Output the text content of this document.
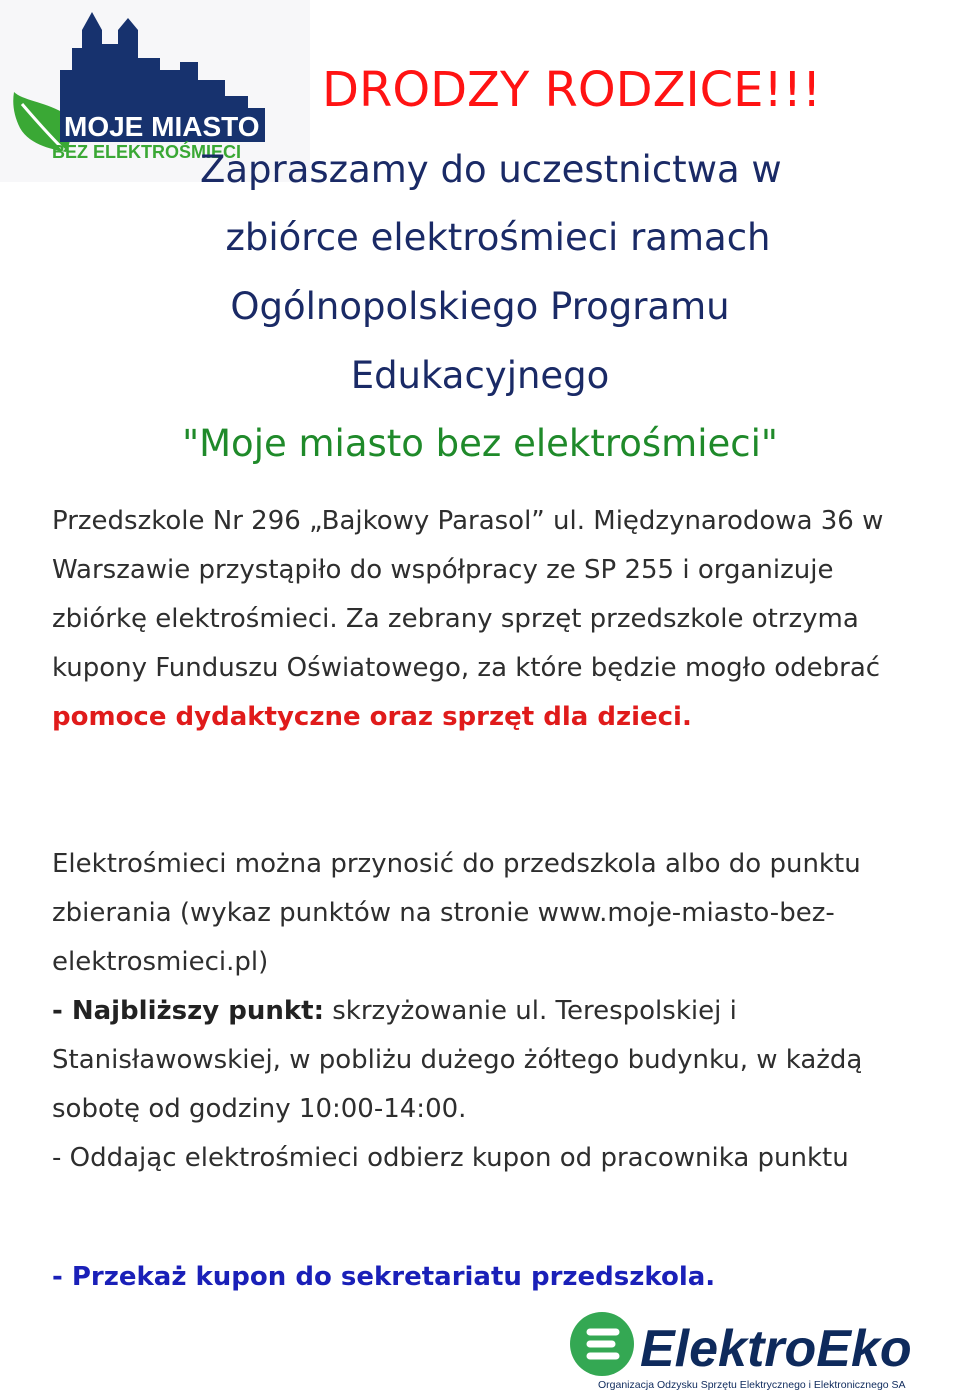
MOJE MIASTO
BEZ ELEKTROŚMIECI
DRODZY RODZICE!!!
Zapraszamy do uczestnictwa w
zbiórce elektrośmieci ramach
Ogólnopolskiego Programu
Edukacyjnego
"Moje miasto bez elektrośmieci"
Przedszkole Nr 296 „Bajkowy Parasol” ul. Międzynarodowa 36 w Warszawie przystąpiło do współpracy ze SP 255 i organizuje zbiórkę elektrośmieci. Za zebrany sprzęt przedszkole otrzyma kupony Funduszu Oświatowego, za które będzie mogło odebrać pomoce dydaktyczne oraz sprzęt dla dzieci.
Elektrośmieci można przynosić do przedszkola albo do punktu zbierania (wykaz punktów na stronie www.moje-miasto-bez-elektrosmieci.pl)
- Najbliższy punkt: skrzyżowanie ul. Terespolskiej i Stanisławowskiej, w pobliżu dużego żółtego budynku, w każdą sobotę od godziny 10:00-14:00.
- Oddając elektrośmieci odbierz kupon od pracownika punktu
- Przekaż kupon do sekretariatu przedszkola.
ElektroEko
Organizacja Odzysku Sprzętu Elektrycznego i Elektronicznego SA
